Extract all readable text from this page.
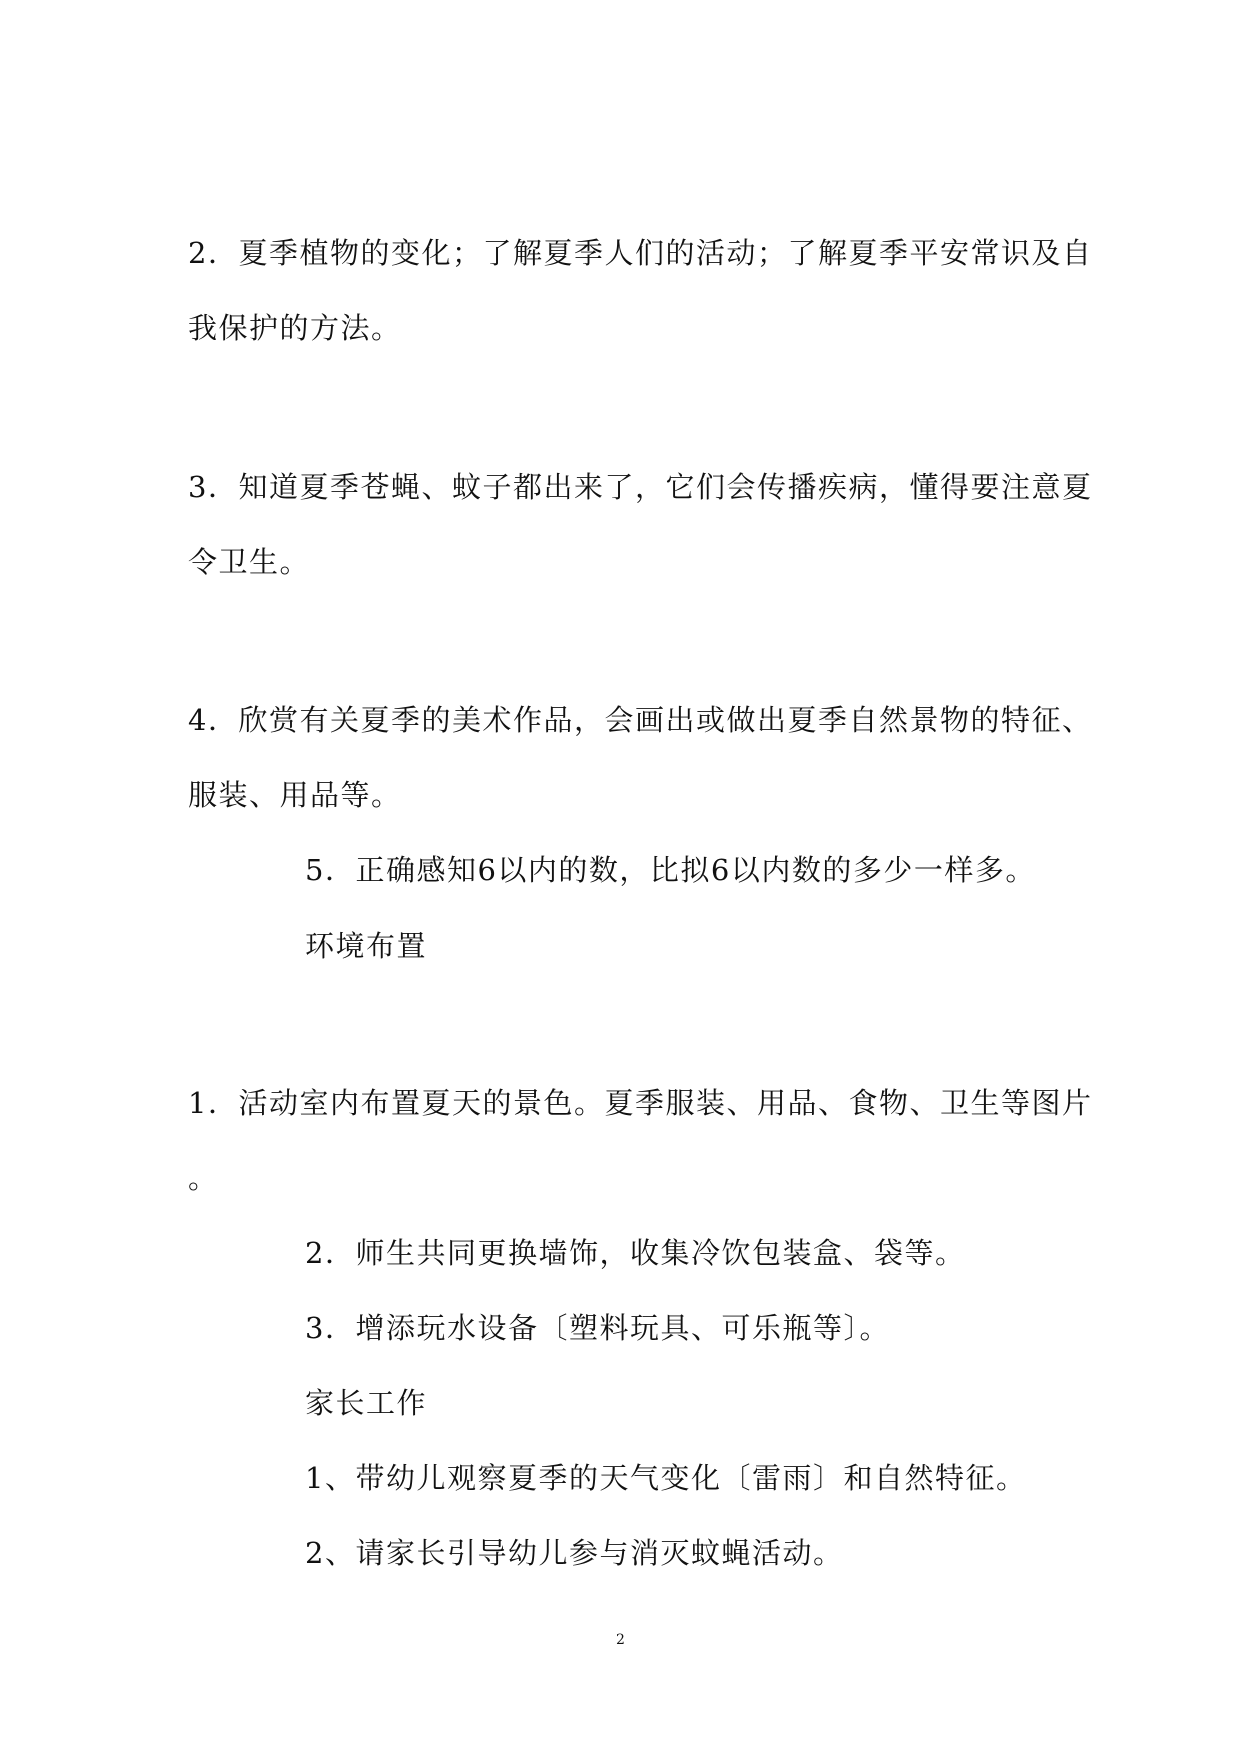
2．夏季植物的变化；了解夏季人们的活动；了解夏季平安常识及自
我保护的方法。
3．知道夏季苍蝇、蚊子都出来了，它们会传播疾病，懂得要注意夏
令卫生。
4．欣赏有关夏季的美术作品，会画出或做出夏季自然景物的特征、
服装、用品等。
5．正确感知6以内的数，比拟6以内数的多少一样多。
环境布置
1．活动室内布置夏天的景色。夏季服装、用品、食物、卫生等图片
。
2．师生共同更换墙饰，收集冷饮包装盒、袋等。
3．增添玩水设备〔塑料玩具、可乐瓶等〕。
家长工作
1、带幼儿观察夏季的天气变化〔雷雨〕和自然特征。
2、请家长引导幼儿参与消灭蚊蝇活动。
2
